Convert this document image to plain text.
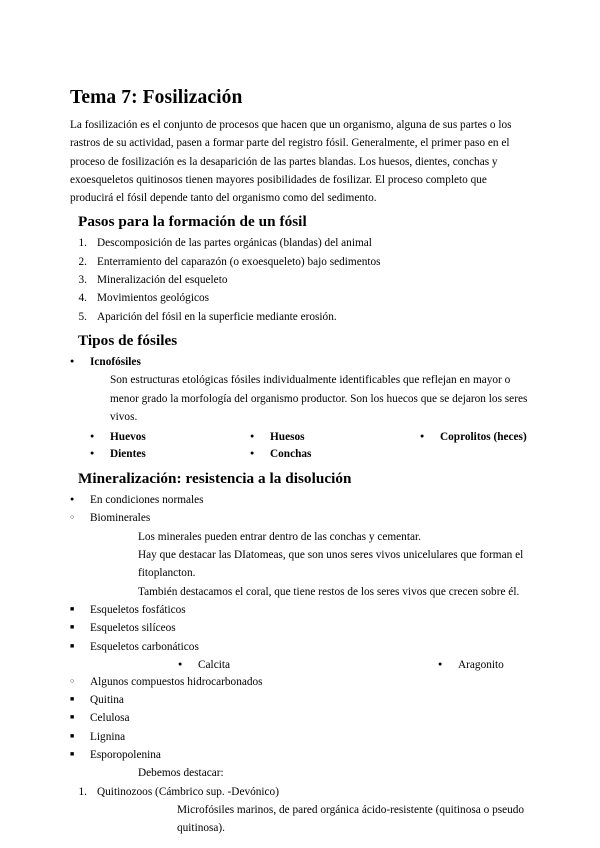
Tema 7: Fosilización

La fosilización es el conjunto de procesos que hacen que un organismo, alguna de sus partes o los rastros de su actividad, pasen a formar parte del registro fósil. Generalmente, el primer paso en el proceso de fosilización es la desaparición de las partes blandas. Los huesos, dientes, conchas y exoesqueletos quitinosos tienen mayores posibilidades de fosilizar. El proceso completo que producirá el fósil depende tanto del organismo como del sedimento.

Pasos para la formación de un fósil
1. Descomposición de las partes orgánicas (blandas) del animal
2. Enterramiento del caparazón (o exoesqueleto) bajo sedimentos
3. Mineralización del esqueleto
4. Movimientos geológicos
5. Aparición del fósil en la superficie mediante erosión.
Tipos de fósiles
●
Icnofósiles

Son estructuras etológicas fósiles individualmente identificables que reflejan en mayor o menor grado la morfología del organismo productor. Son los huecos que se dejaron los seres vivos.

●
Huevos ●	Huesos ●	Coprolitos (heces)
●
Dientes ●	Conchas
Mineralización: resistencia a la disolución
●
En condiciones normales
○
Biominerales

Los minerales pueden entrar dentro de las conchas y cementar.

Hay que destacar las DIatomeas, que son unos seres vivos unicelulares que forman el fitoplancton.

También destacamos el coral, que tiene restos de los seres vivos que crecen sobre él.

■
Esqueletos fosfáticos
■
Esqueletos silíceos
■
Esqueletos carbonáticos
●
Calcita ●	Aragonito
○
Algunos compuestos hidrocarbonados
■
Quitina
■
Celulosa
■
Lignina
■
Esporopolenina

Debemos destacar:

1. Quitinozoos (Cámbrico sup. -Devónico)

Microfósiles marinos, de pared orgánica ácido-resistente (quitinosa o pseudo quitinosa).
